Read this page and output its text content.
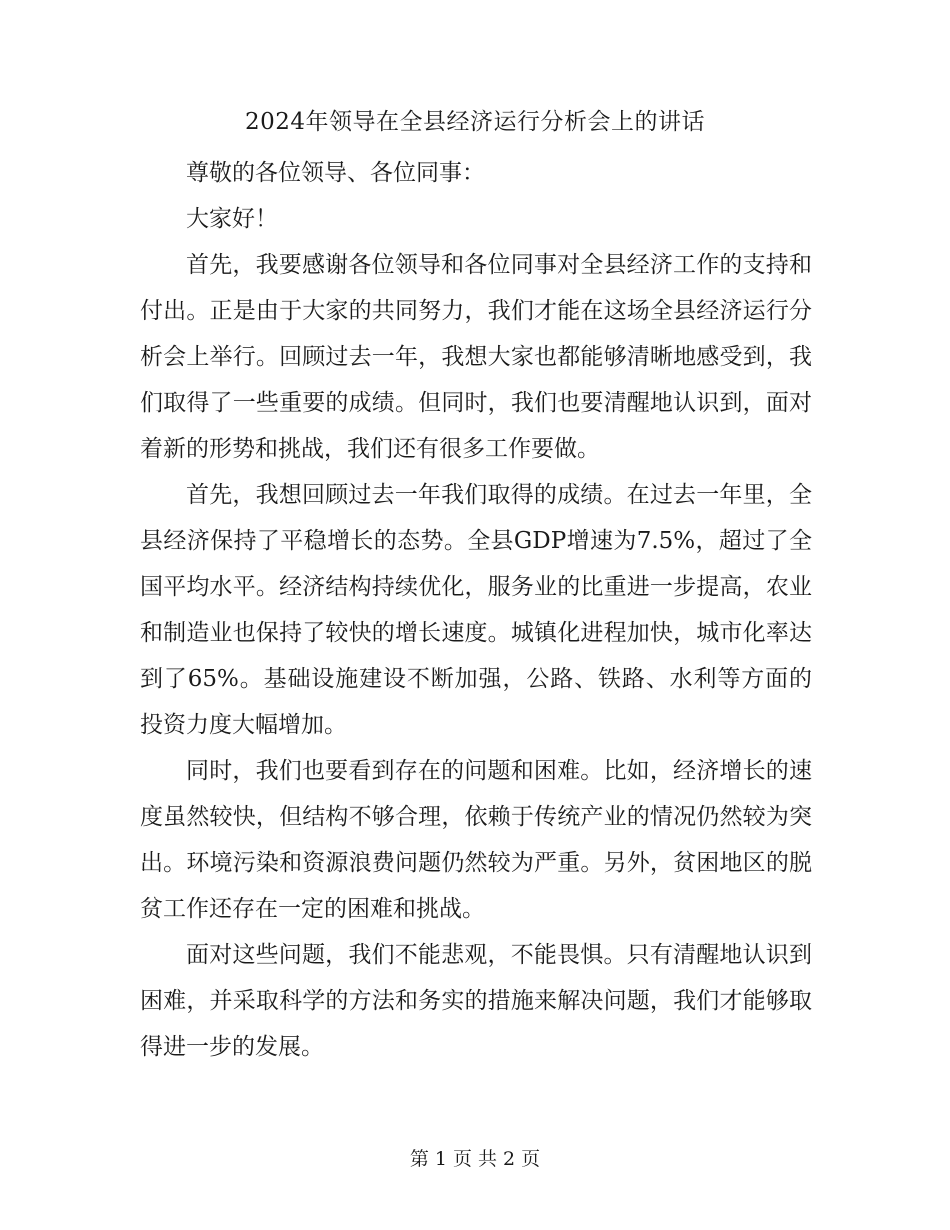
2024年领导在全县经济运行分析会上的讲话

尊敬的各位领导、各位同事：

大家好！

首先，我要感谢各位领导和各位同事对全县经济工作的支持和付出。正是由于大家的共同努力，我们才能在这场全县经济运行分析会上举行。回顾过去一年，我想大家也都能够清晰地感受到，我们取得了一些重要的成绩。但同时，我们也要清醒地认识到，面对着新的形势和挑战，我们还有很多工作要做。

首先，我想回顾过去一年我们取得的成绩。在过去一年里，全县经济保持了平稳增长的态势。全县GDP增速为7.5%，超过了全国平均水平。经济结构持续优化，服务业的比重进一步提高，农业和制造业也保持了较快的增长速度。城镇化进程加快，城市化率达到了65%。基础设施建设不断加强，公路、铁路、水利等方面的投资力度大幅增加。

同时，我们也要看到存在的问题和困难。比如，经济增长的速度虽然较快，但结构不够合理，依赖于传统产业的情况仍然较为突出。环境污染和资源浪费问题仍然较为严重。另外，贫困地区的脱贫工作还存在一定的困难和挑战。

面对这些问题，我们不能悲观，不能畏惧。只有清醒地认识到困难，并采取科学的方法和务实的措施来解决问题，我们才能够取得进一步的发展。

第 1 页 共 2 页
